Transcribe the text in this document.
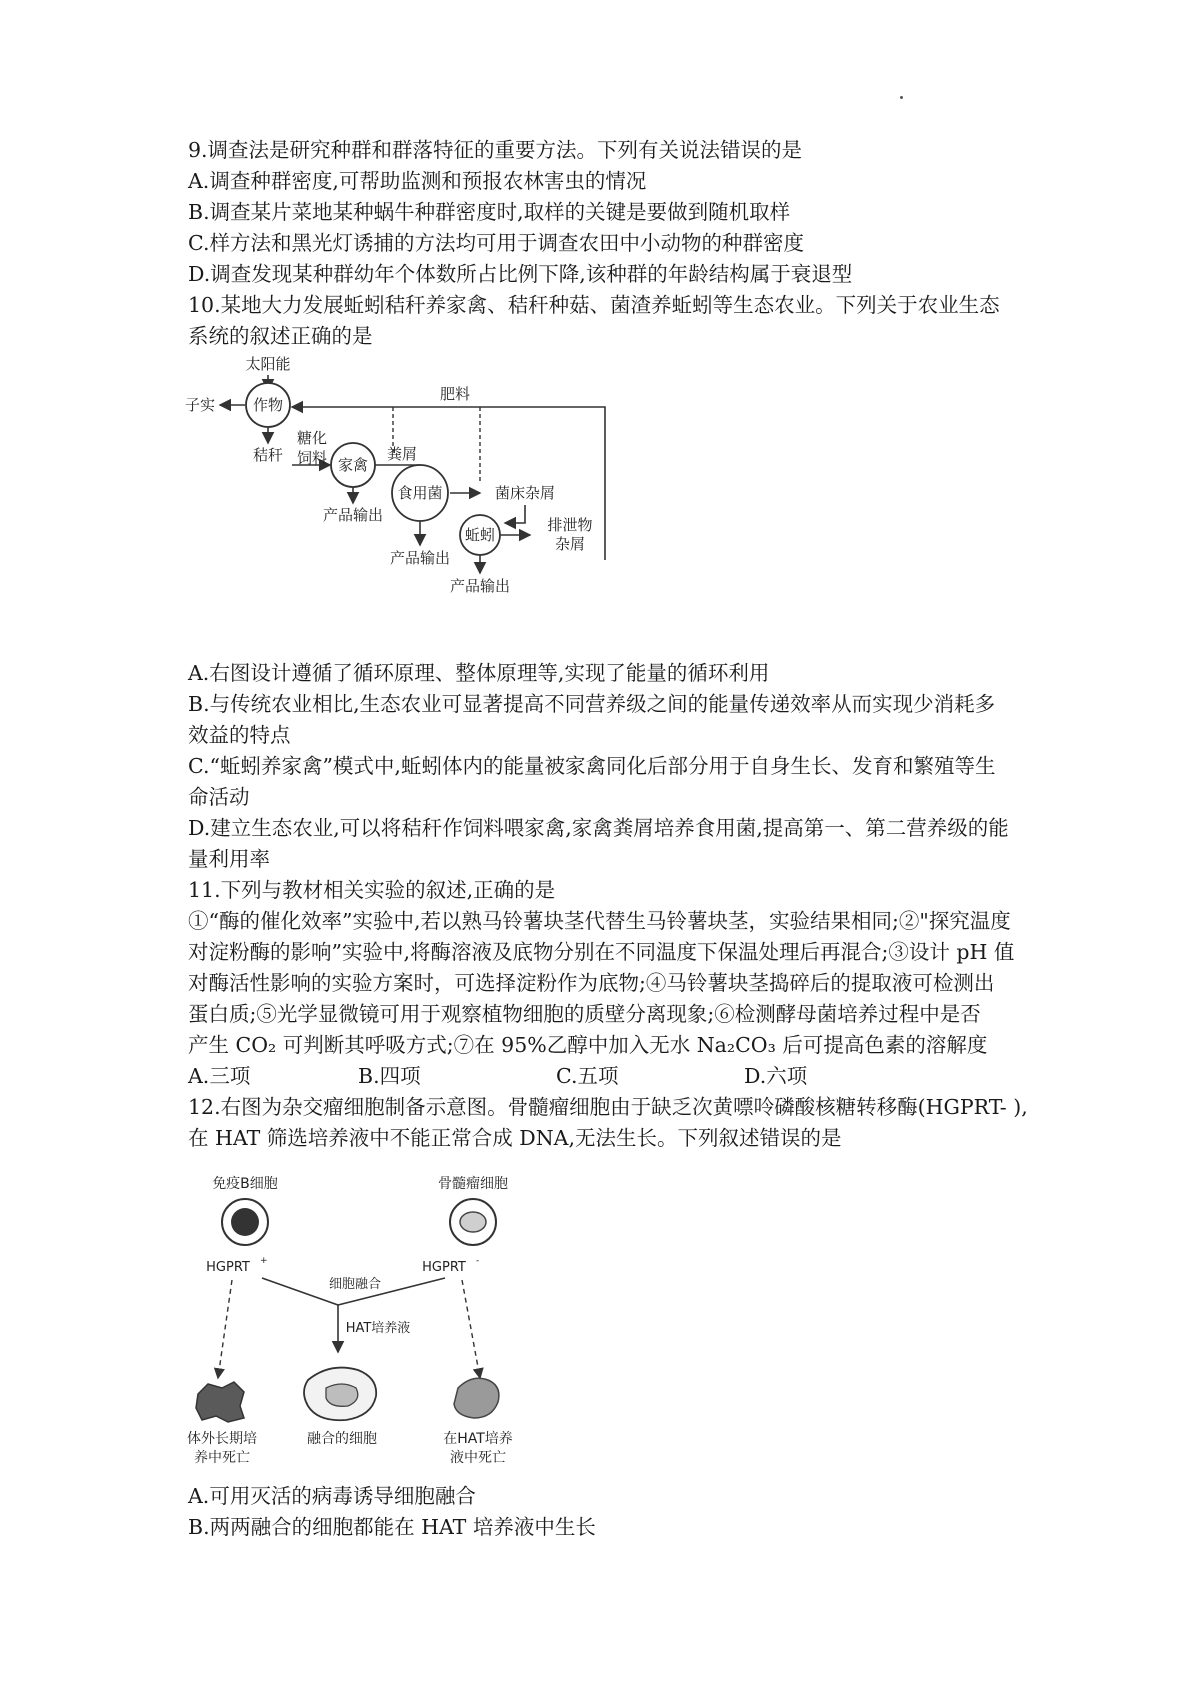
9.调查法是研究种群和群落特征的重要方法。下列有关说法错误的是
A.调查种群密度,可帮助监测和预报农林害虫的情况
B.调查某片菜地某种蜗牛种群密度时,取样的关键是要做到随机取样
C.样方法和黑光灯诱捕的方法均可用于调查农田中小动物的种群密度
D.调查发现某种群幼年个体数所占比例下降,该种群的年龄结构属于衰退型
10.某地大力发展蚯蚓秸秆养家禽、秸秆种菇、菌渣养蚯蚓等生态农业。下列关于农业生态
系统的叙述正确的是
太阳能
作物
子实
肥料
秸秆
糖化
饲料 家禽
粪屑
食用菌	菌床杂屑
蚯蚓
排泄物
杂屑
产品输出
产品输出
产品输出
A.右图设计遵循了循环原理、整体原理等,实现了能量的循环利用
B.与传统农业相比,生态农业可显著提高不同营养级之间的能量传递效率从而实现少消耗多
效益的特点
C.“蚯蚓养家禽”模式中,蚯蚓体内的能量被家禽同化后部分用于自身生长、发育和繁殖等生
命活动
D.建立生态农业,可以将秸秆作饲料喂家禽,家禽粪屑培养食用菌,提高第一、第二营养级的能
量利用率
11.下列与教材相关实验的叙述,正确的是
①“酶的催化效率”实验中,若以熟马铃薯块茎代替生马铃薯块茎，实验结果相同;②"探究温度
对淀粉酶的影响”实验中,将酶溶液及底物分别在不同温度下保温处理后再混合;③设计 pH 值
对酶活性影响的实验方案时，可选择淀粉作为底物;④马铃薯块茎捣碎后的提取液可检测出
蛋白质;⑤光学显微镜可用于观察植物细胞的质壁分离现象;⑥检测酵母菌培养过程中是否
产生 CO₂ 可判断其呼吸方式;⑦在 95%乙醇中加入无水 Na₂CO₃ 后可提高色素的溶解度
A.三项	B.四项	C.五项	D.六项
12.右图为杂交瘤细胞制备示意图。骨髓瘤细胞由于缺乏次黄嘌呤磷酸核糖转移酶(HGPRT- ),
在 HAT 筛选培养液中不能正常合成 DNA,无法生长。下列叙述错误的是
免疫B细胞	骨髓瘤细胞
HGPRT +	HGPRT -
细胞融合
HAT培养液
体外长期培
养中死亡
融合的细胞	在HAT培养
液中死亡
A.可用灭活的病毒诱导细胞融合
B.两两融合的细胞都能在 HAT 培养液中生长
